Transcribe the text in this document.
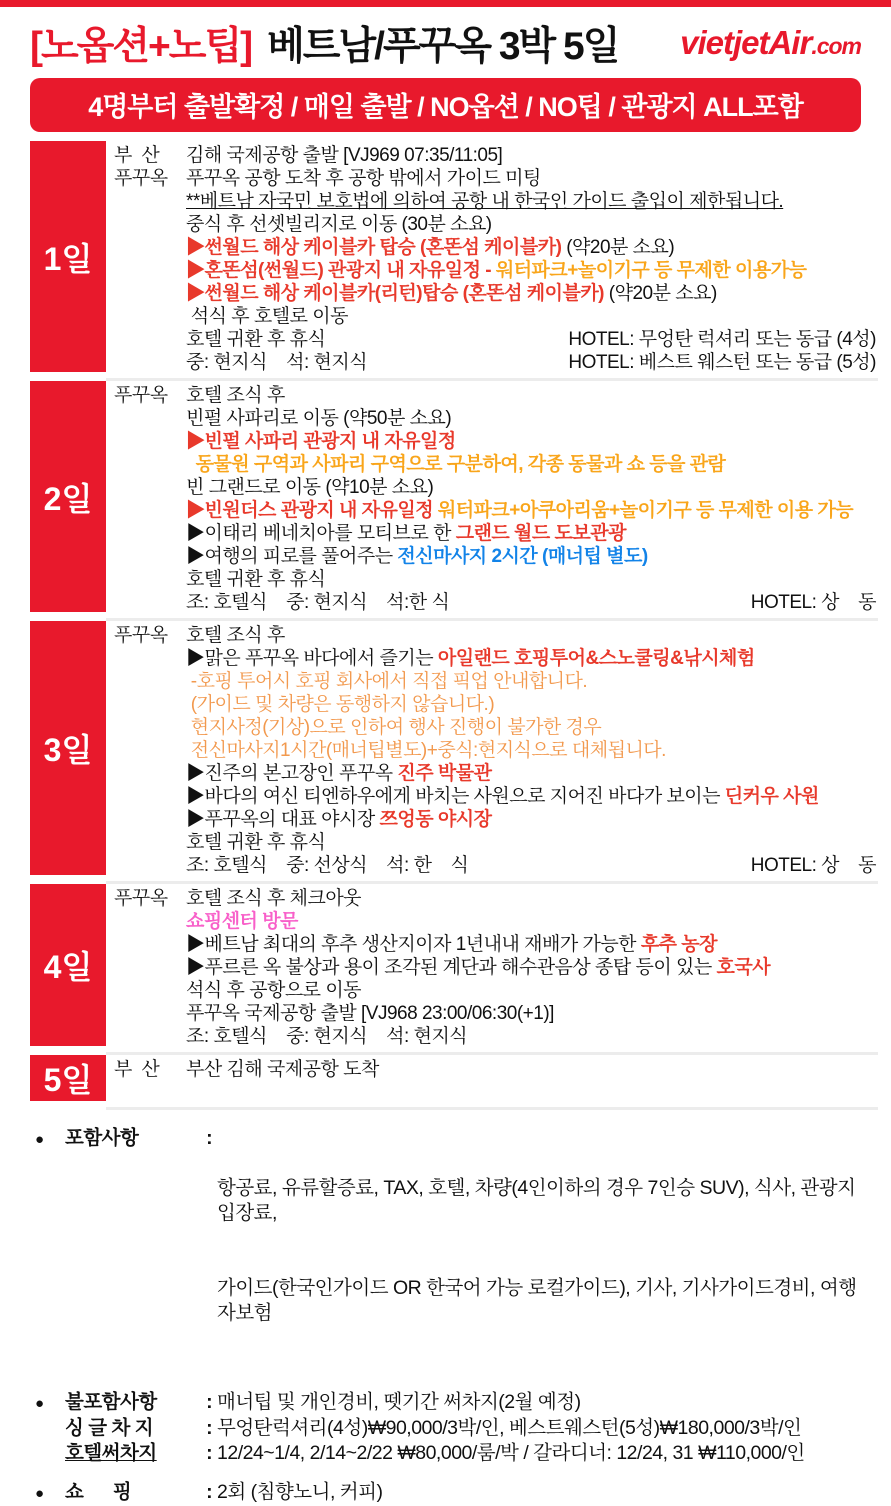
[노옵션+노팁] 베트남/푸꾸옥 3박 5일 vietjetAir.com
4명부터 출발확정 / 매일 출발 / NO옵션 / NO팁 / 관광지 ALL포함
1일
부  산	김해 국제공항 출발 [VJ969 07:35/11:05]
푸꾸옥 푸꾸옥 공항 도착 후 공항 밖에서 가이드 미팅
**베트남 자국민 보호법에 의하여 공항 내 한국인 가이드 출입이 제한됩니다.
중식 후 선셋빌리지로 이동 (30분 소요)
▶썬월드 해상 케이블카 탑승 (혼똔섬 케이블카) (약20분 소요)
▶혼똔섬(썬월드) 관광지 내 자유일정 - 워터파크+놀이기구 등 무제한 이용가능
▶썬월드 해상 케이블카(리턴)탑승 (혼똔섬 케이블카) (약20분 소요)
석식 후 호텔로 이동
호텔 귀환 후 휴식	HOTEL: 무엉탄 럭셔리 또는 동급 (4성)
중: 현지식    석: 현지식	HOTEL: 베스트 웨스턴 또는 동급 (5성)
2일
푸꾸옥 호텔 조식 후
빈펄 사파리로 이동 (약50분 소요)
▶빈펄 사파리 관광지 내 자유일정
동물원 구역과 사파리 구역으로 구분하여, 각종 동물과 쇼 등을 관람
빈 그랜드로 이동 (약10분 소요)
▶빈원더스 관광지 내 자유일정 워터파크+아쿠아리움+놀이기구 등 무제한 이용 가능
▶이태리 베네치아를 모티브로 한 그랜드 월드 도보관광
▶여행의 피로를 풀어주는 전신마사지 2시간 (매너팁 별도)
호텔 귀환 후 휴식
조: 호텔식    중: 현지식    석:한 식	HOTEL: 상    동
3일
푸꾸옥 호텔 조식 후
▶맑은 푸꾸옥 바다에서 즐기는 아일랜드 호핑투어&스노쿨링&낚시체험
-호핑 투어시 호핑 회사에서 직접 픽업 안내합니다.
(가이드 및 차량은 동행하지 않습니다.)
현지사정(기상)으로 인하여 행사 진행이 불가한 경우
전신마사지1시간(매너팁별도)+중식:현지식으로 대체됩니다.
▶진주의 본고장인 푸꾸옥 진주 박물관
▶바다의 여신 티엔하우에게 바치는 사원으로 지어진 바다가 보이는 딘커우 사원
▶푸꾸옥의 대표 야시장 쯔엉동 야시장
호텔 귀환 후 휴식
조: 호텔식    중: 선상식    석: 한    식	HOTEL: 상    동
4일
푸꾸옥 호텔 조식 후 체크아웃
쇼핑센터 방문
▶베트남 최대의 후추 생산지이자 1년내내 재배가 가능한 후추 농장
▶푸르른 옥 불상과 용이 조각된 계단과 해수관음상 종탑 등이 있는 호국사
석식 후 공항으로 이동
푸꾸옥 국제공항 출발 [VJ968 23:00/06:30(+1)]
조: 호텔식    중: 현지식    석: 현지식
5일	부  산	부산 김해 국제공항 도착
●	포함사항	:

항공료, 유류할증료, TAX, 호텔, 차량(4인이하의 경우 7인승 SUV), 식사, 관광지 입장료,

가이드(한국인가이드 OR 한국어 가능 로컬가이드), 기사, 기사가이드경비, 여행자보험

●	불포함사항	: 매너팁 및 개인경비, 뗏기간 써차지(2월 예정)
싱 글 차 지	: 무엉탄럭셔리(4성)₩90,000/3박/인, 베스트웨스턴(5성)₩180,000/3박/인
호텔써차지	: 12/24~1/4, 2/14~2/22 ₩80,000/룸/박 / 갈라디너: 12/24, 31 ₩110,000/인
●	쇼      핑	: 2회 (침향노니, 커피)
